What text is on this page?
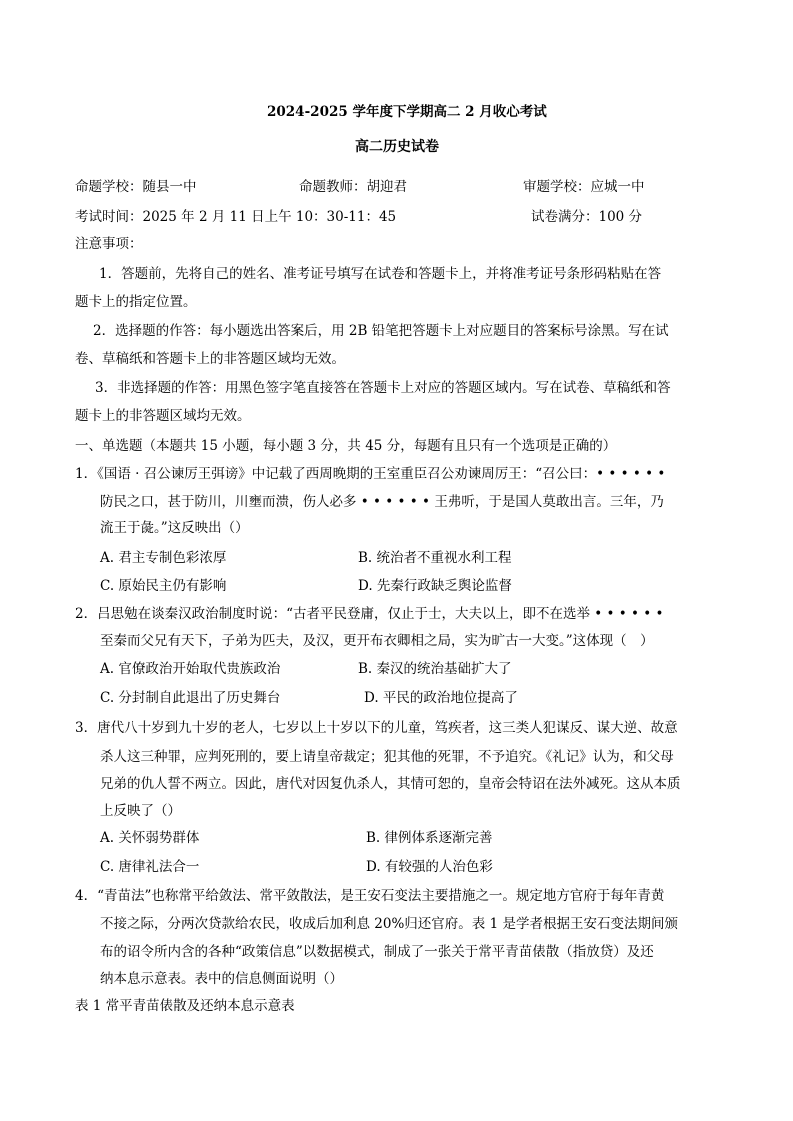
2024-2025 学年度下学期高二 2 月收心考试
高二历史试卷
命题学校：随县一中	命题教师：胡迎君	审题学校：应城一中
考试时间：2025 年 2 月 11 日上午 10：30-11：45	试卷满分：100 分
注意事项：
1．答题前，先将自己的姓名、准考证号填写在试卷和答题卡上，并将准考证号条形码粘贴在答
题卡上的指定位置。
2．选择题的作答：每小题选出答案后，用 2B 铅笔把答题卡上对应题目的答案标号涂黑。写在试
卷、草稿纸和答题卡上的非答题区域均无效。
3．非选择题的作答：用黑色签字笔直接答在答题卡上对应的答题区域内。写在试卷、草稿纸和答
题卡上的非答题区域均无效。
一、单选题（本题共 15 小题，每小题 3 分，共 45 分，每题有且只有一个选项是正确的）
1．《国语 · 召公谏厉王弭谤》中记载了西周晚期的王室重臣召公劝谏周厉王：“召公曰：• • • • • •
防民之口，甚于防川，川壅而溃，伤人必多 • • • • • • 王弗听，于是国人莫敢出言。三年，乃
流王于彘。”这反映出（）
A. 君主专制色彩浓厚	B. 统治者不重视水利工程
C. 原始民主仍有影响	D. 先秦行政缺乏舆论监督
2．吕思勉在谈秦汉政治制度时说：“古者平民登庸，仅止于士，大夫以上，即不在选举 • • • • • •
至秦而父兄有天下，子弟为匹夫，及汉，更开布衣卿相之局，实为旷古一大变。”这体现（　）
A. 官僚政治开始取代贵族政治	B. 秦汉的统治基础扩大了
C. 分封制自此退出了历史舞台	D. 平民的政治地位提高了
3．唐代八十岁到九十岁的老人，七岁以上十岁以下的儿童，笃疾者，这三类人犯谋反、谋大逆、故意
杀人这三种罪，应判死刑的，要上请皇帝裁定；犯其他的死罪，不予追究。《礼记》认为，和父母
兄弟的仇人誓不两立。因此，唐代对因复仇杀人，其情可恕的，皇帝会特诏在法外减死。这从本质
上反映了（）
A. 关怀弱势群体	B. 律例体系逐渐完善
C. 唐律礼法合一	D. 有较强的人治色彩
4．“青苗法”也称常平给敛法、常平敛散法，是王安石变法主要措施之一。规定地方官府于每年青黄
不接之际，分两次贷款给农民，收成后加利息 20%归还官府。表 1 是学者根据王安石变法期间颁
布的诏令所内含的各种“政策信息”以数据模式，制成了一张关于常平青苗俵散（指放贷）及还
纳本息示意表。表中的信息侧面说明（）
表 1 常平青苗俵散及还纳本息示意表
